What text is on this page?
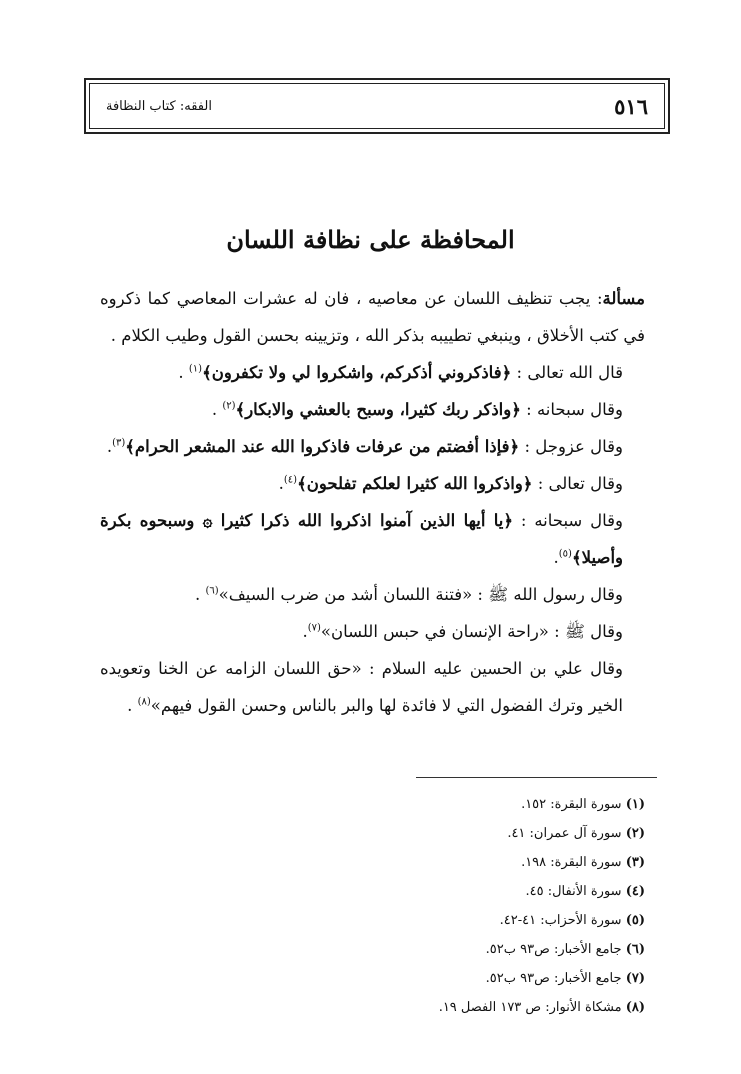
٥١٦
الفقه: كتاب النظافة
المحافظة على نظافة اللسان

مسألة: يجب تنظيف اللسان عن معاصيه ، فان له عشرات المعاصي كما ذكروه في كتب الأخلاق ، وينبغي تطييبه بذكر الله ، وتزيينه بحسن القول وطيب الكلام .

قال الله تعالى : ﴿فاذكروني أذكركم، واشكروا لي ولا تكفرون﴾$^{(١)}$ .

وقال سبحانه : ﴿واذكر ربك كثيرا، وسبح بالعشي والابكار﴾$^{(٢)}$ .

وقال عزوجل : ﴿فإذا أفضتم من عرفات فاذكروا الله عند المشعر الحرام﴾$^{(٣)}$.

وقال تعالى : ﴿واذكروا الله كثيرا لعلكم تفلحون﴾$^{(٤)}$.

وقال سبحانه : ﴿يا أيها الذين آمنوا اذكروا الله ذكرا كثيرا ۞ وسبحوه بكرة وأصيلا﴾$^{(٥)}$.

وقال رسول الله ﷺ : «فتنة اللسان أشد من ضرب السيف»$^{(٦)}$ .

وقال ﷺ : «راحة الإنسان في حبس اللسان»$^{(٧)}$.

وقال علي بن الحسين عليه السلام : «حق اللسان الزامه عن الخنا وتعويده الخير وترك الفضول التي لا فائدة لها والبر بالناس وحسن القول فيهم»$^{(٨)}$ .

(١) سورة البقرة: ١٥٢.
(٢) سورة آل عمران: ٤١.
(٣) سورة البقرة: ١٩٨.
(٤) سورة الأنفال: ٤٥.
(٥) سورة الأحزاب: ٤١-٤٢.
(٦) جامع الأخبار: ص٩٣ ب٥٢.
(٧) جامع الأخبار: ص٩٣ ب٥٢.
(٨) مشكاة الأنوار: ص ١٧٣ الفصل ١٩.
